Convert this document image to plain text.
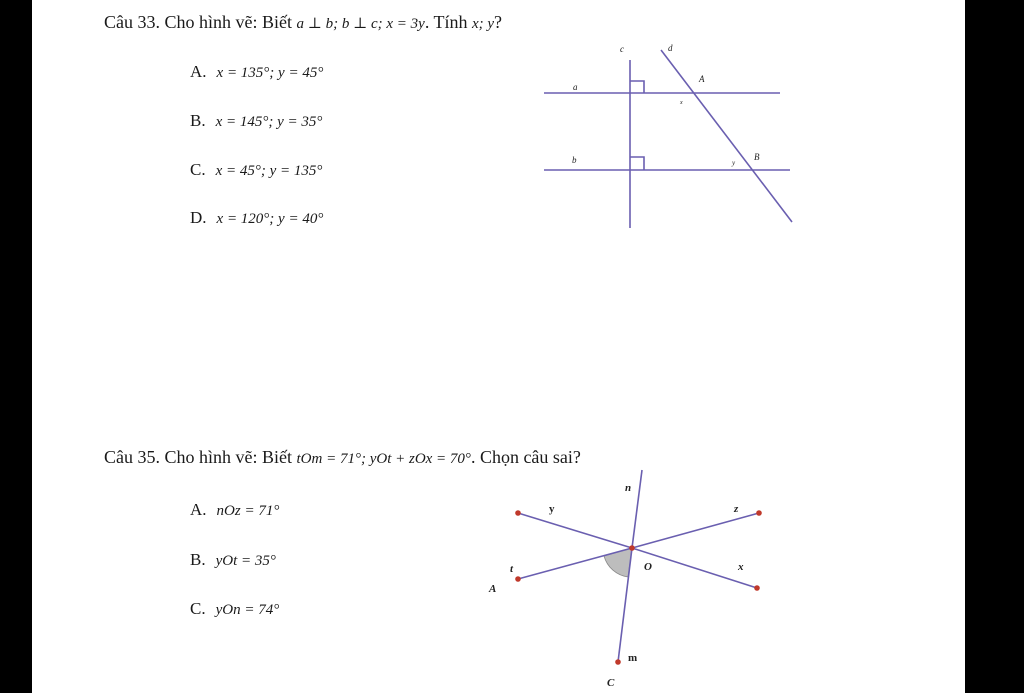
Câu 33. Cho hình vẽ: Biết a ⊥ b; b ⊥ c; x = 3y. Tính x; y?
A. x = 135°; y = 45°
B. x = 145°; y = 35°
C. x = 45°; y = 135°
D. x = 120°; y = 40°
c	d
a
b
A
B
x
y
Câu 35. Cho hình vẽ: Biết tOm = 71°; yOt + zOx = 70°. Chọn câu sai?
A. nOz = 71°
B. yOt = 35°
C. yOn = 74°
n
y	z
O	x
t
A
m
C
